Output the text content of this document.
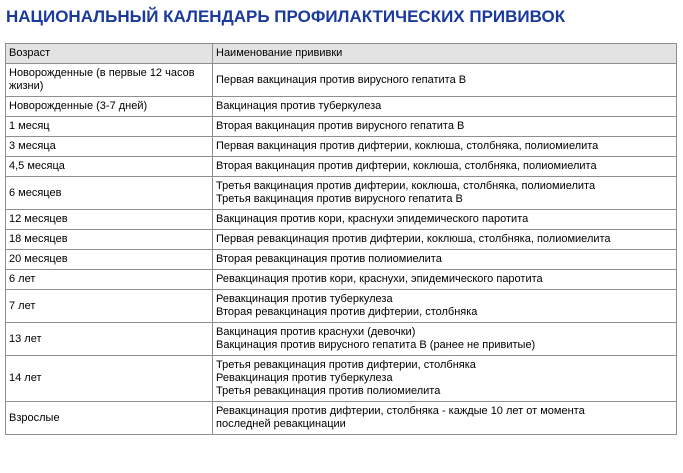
НАЦИОНАЛЬНЫЙ КАЛЕНДАРЬ ПРОФИЛАКТИЧЕСКИХ ПРИВИВОК
Возраст	Наименование прививки

Новорожденные (в первые 12 часов жизни)	Первая вакцинация против вирусного гепатита В

Новорожденные (3-7 дней)	Вакцинация против туберкулеза

1 месяц	Вторая вакцинация против вирусного гепатита В

3 месяца	Первая вакцинация против дифтерии, коклюша, столбняка, полиомиелита

4,5 месяца	Вторая вакцинация против дифтерии, коклюша, столбняка, полиомиелита

6 месяцев	Третья вакцинация против дифтерии, коклюша, столбняка, полиомиелита
Третья вакцинация против вирусного гепатита В

12 месяцев	Вакцинация против кори, краснухи эпидемического паротита

18 месяцев	Первая ревакцинация против дифтерии, коклюша, столбняка, полиомиелита

20 месяцев	Вторая ревакцинация против полиомиелита

6 лет	Ревакцинация против кори, краснухи, эпидемического паротита

7 лет	Ревакцинация против туберкулеза
Вторая ревакцинация против дифтерии, столбняка

13 лет	Вакцинация против краснухи (девочки)
Вакцинация против вирусного гепатита В (ранее не привитые)

14 лет	Третья ревакцинация против дифтерии, столбняка
Ревакцинация против туберкулеза
Третья ревакцинация против полиомиелита

Взрослые	Ревакцинация против дифтерии, столбняка - каждые 10 лет от момента
последней ревакцинации
